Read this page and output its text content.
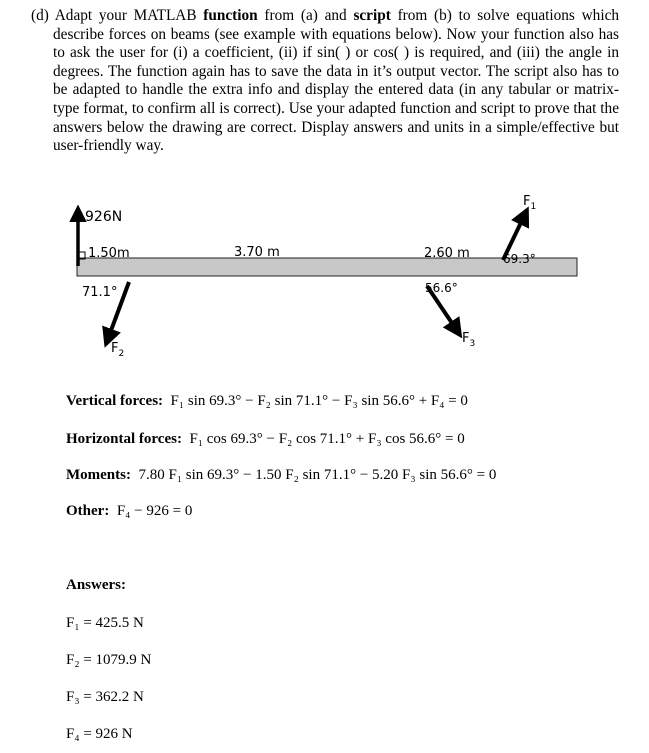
(d) Adapt your MATLAB function from (a) and script from (b) to solve equations which describe forces on beams (see example with equations below). Now your function also has to ask the user for (i) a coefficient, (ii) if sin( ) or cos( ) is required, and (iii) the angle in degrees. The function again has to save the data in it’s output vector. The script also has to be adapted to handle the extra info and display the entered data (in any tabular or matrix-type format, to confirm all is correct). Use your adapted function and script to prove that the answers below the drawing are correct. Display answers and units in a simple/effective but user-friendly way.
926N
1.50m
71.1°
$F_2$
3.70 m	2.60 m
56.6°
$F_3$
$F_1$
69.3°
Vertical forces: F₁ sin 69.3° − F₂ sin 71.1° − F₃ sin 56.6° + F₄ = 0
Horizontal forces: F₁ cos 69.3° − F₂ cos 71.1° + F₃ cos 56.6° = 0
Moments: 7.80 F₁ sin 69.3° − 1.50 F₂ sin 71.1° − 5.20 F₃ sin 56.6° = 0
Other: F₄ − 926 = 0
Answers:
F₁ = 425.5 N
F₂ = 1079.9 N
F₃ = 362.2 N
F₄ = 926 N
